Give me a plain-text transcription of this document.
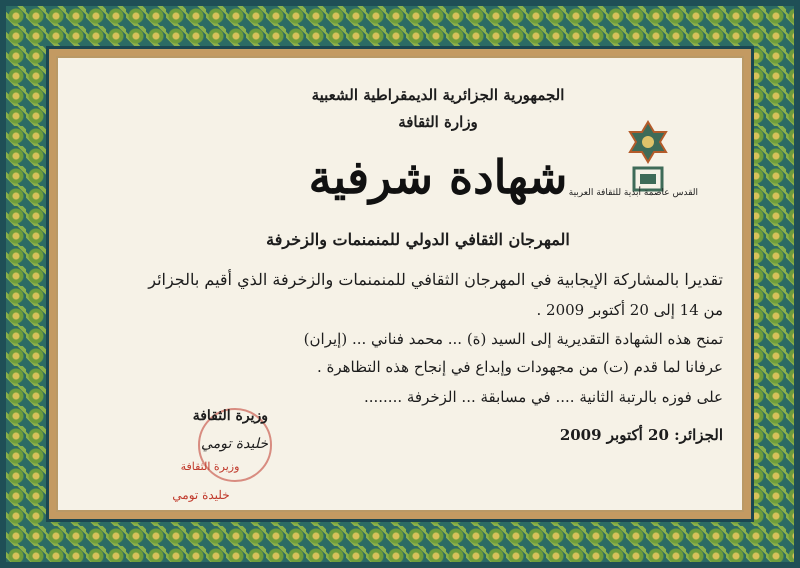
الجمهورية الجزائرية الديمقراطية الشعبية
وزارة الثقافة
شهادة شرفية
المهرجان الثقافي الدولي للمنمنمات والزخرفة
القدس عاصمة أبدية للثقافة العربية
تقديرا بالمشاركة الإيجابية في المهرجان الثقافي للمنمنمات والزخرفة الذي أقيم بالجزائر
من 14 إلى 20 أكتوبر 2009 .
تمنح هذه الشهادة التقديرية إلى السيد (ة) ... محمد فناني ... (إيران)
عرفانا لما قدم (ت) من مجهودات وإبداع في إنجاح هذه التظاهرة .
على فوزه بالرتبة الثانية .... في مسابقة ... الزخرفة ........
الجزائر: 20 أكتوبر 2009
وزيرة الثقافة
خليدة تومي
وزيرة الثقافة
خليدة تومي
